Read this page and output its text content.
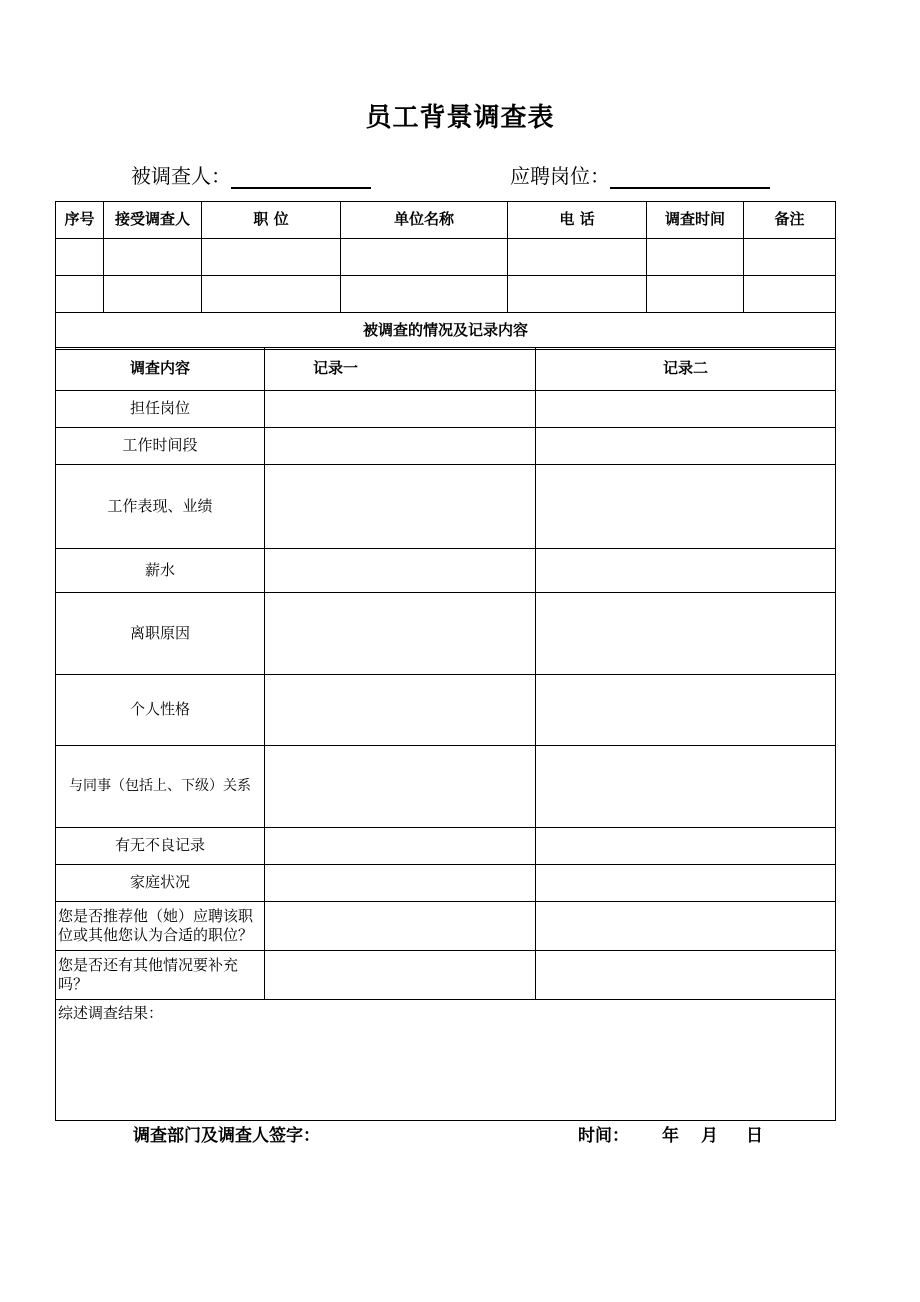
员工背景调查表
被调查人：	应聘岗位：
序号	接受调查人	职 位	单位名称	电 话	调查时间	备注

被调查的情况及记录内容						
调查内容	记录一	记录二
担任岗位		
工作时间段		
工作表现、业绩		
薪水		
离职原因		
个人性格		
与同事（包括上、下级）关系		
有无不良记录		
家庭状况		
您是否推荐他（她）应聘该职位或其他您认为合适的职位？		
您是否还有其他情况要补充吗？		
综述调查结果：		
调查部门及调查人签字：	时间： 年 月 日
